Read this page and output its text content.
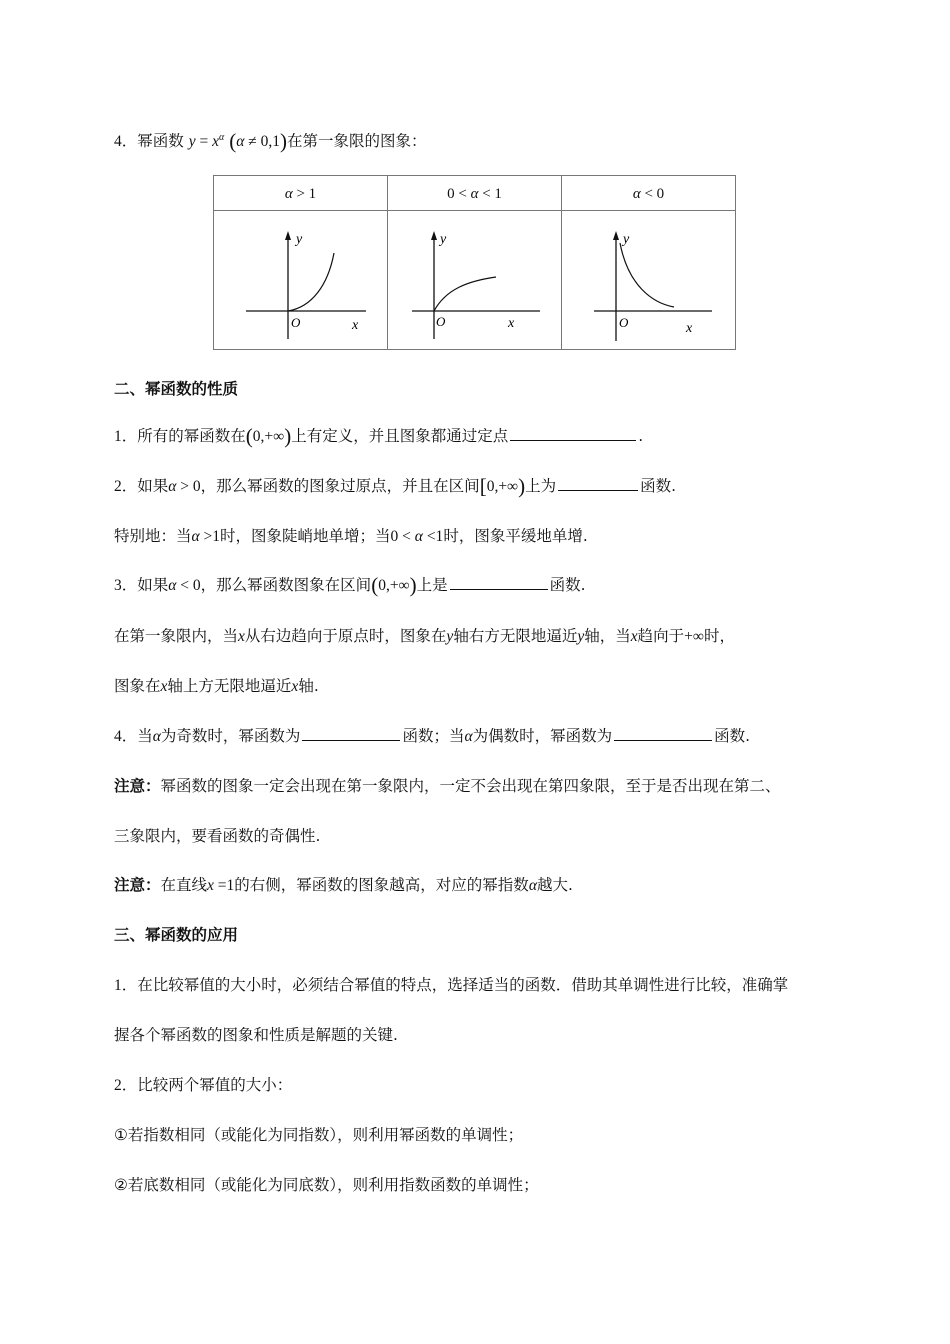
4．幂函数 $y = x^\alpha$ (α ≠ 0,1)在第一象限的图象：
α > 1	0 < α < 1	α < 0

y
O x	y
O x	y
O x
二、幂函数的性质
1．所有的幂函数在(0,+∞)上有定义，并且图象都通过定点	.
2．如果α > 0，那么幂函数的图象过原点，并且在区间[0,+∞)上为	函数.
特别地：当α >1时，图象陡峭地单增；当0 < α <1时，图象平缓地单增.
3．如果α < 0，那么幂函数图象在区间(0,+∞)上是	函数.
在第一象限内，当x从右边趋向于原点时，图象在y轴右方无限地逼近y轴，当x趋向于+∞时，
图象在x轴上方无限地逼近x轴.
4．当α为奇数时，幂函数为	函数；当α为偶数时，幂函数为	函数.
注意：幂函数的图象一定会出现在第一象限内，一定不会出现在第四象限，至于是否出现在第二、
三象限内，要看函数的奇偶性.
注意：在直线x =1的右侧，幂函数的图象越高，对应的幂指数α越大.
三、幂函数的应用
1．在比较幂值的大小时，必须结合幂值的特点，选择适当的函数．借助其单调性进行比较，准确掌
握各个幂函数的图象和性质是解题的关键.
2．比较两个幂值的大小：
①若指数相同（或能化为同指数），则利用幂函数的单调性；
②若底数相同（或能化为同底数），则利用指数函数的单调性；
